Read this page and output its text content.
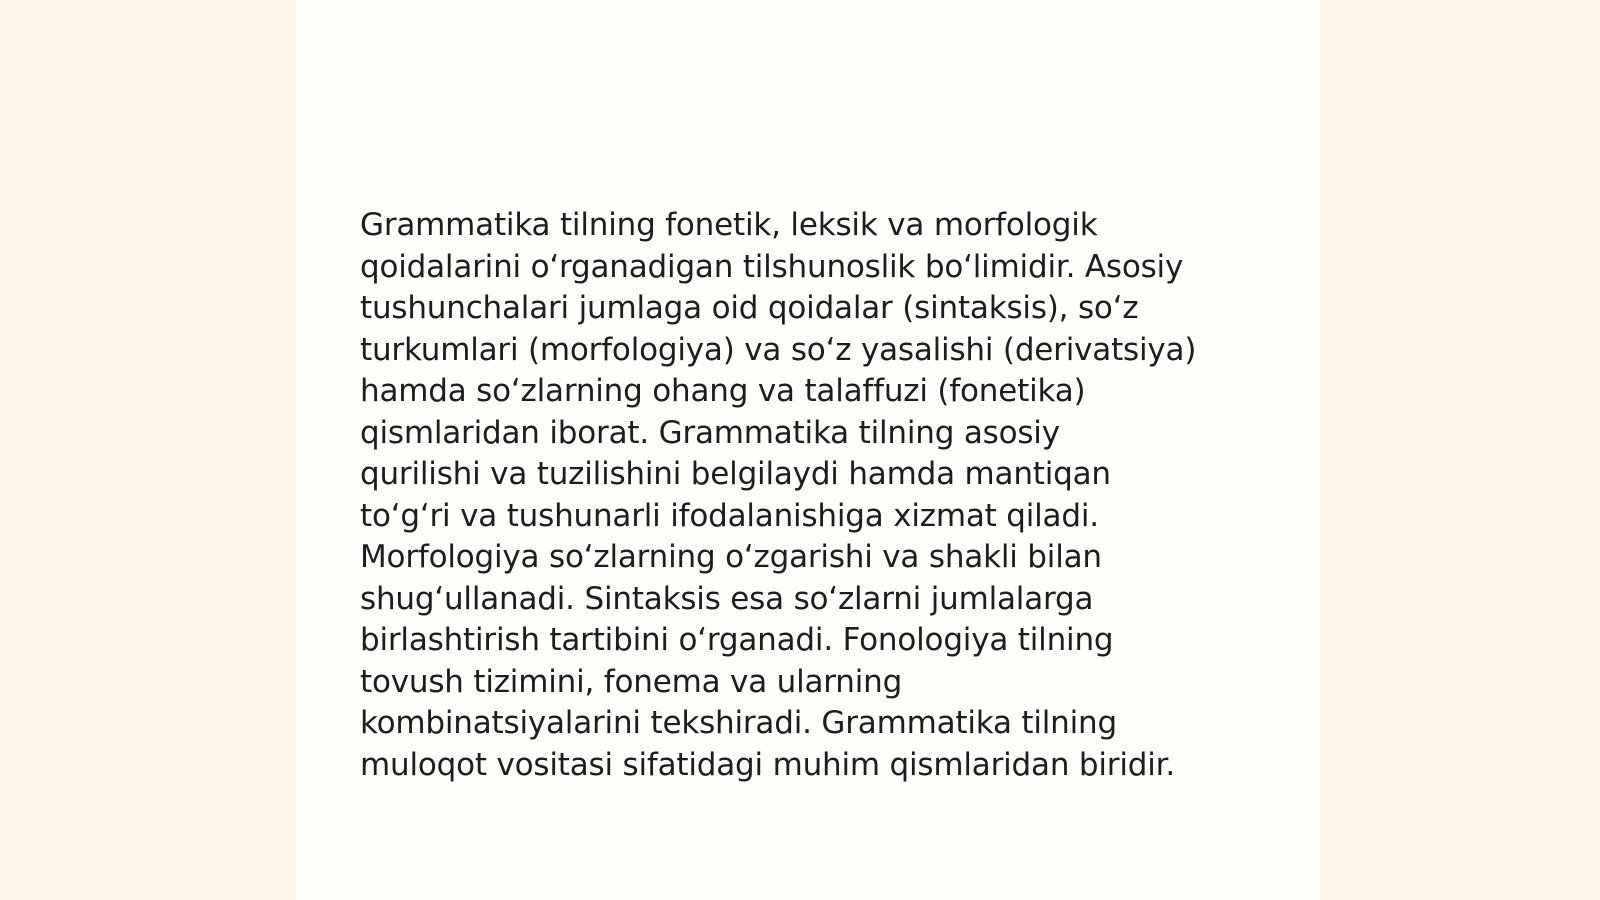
Grammatika tilning fonetik, leksik va morfologik
qoidalarini o‘rganadigan tilshunoslik bo‘limidir. Asosiy
tushunchalari jumlaga oid qoidalar (sintaksis), so‘z
turkumlari (morfologiya) va so‘z yasalishi (derivatsiya)
hamda so‘zlarning ohang va talaffuzi (fonetika)
qismlaridan iborat. Grammatika tilning asosiy
qurilishi va tuzilishini belgilaydi hamda mantiqan
to‘g‘ri va tushunarli ifodalanishiga xizmat qiladi.
Morfologiya so‘zlarning o‘zgarishi va shakli bilan
shug‘ullanadi. Sintaksis esa so‘zlarni jumlalarga
birlashtirish tartibini o‘rganadi. Fonologiya tilning
tovush tizimini, fonema va ularning
kombinatsiyalarini tekshiradi. Grammatika tilning
muloqot vositasi sifatidagi muhim qismlaridan biridir.
